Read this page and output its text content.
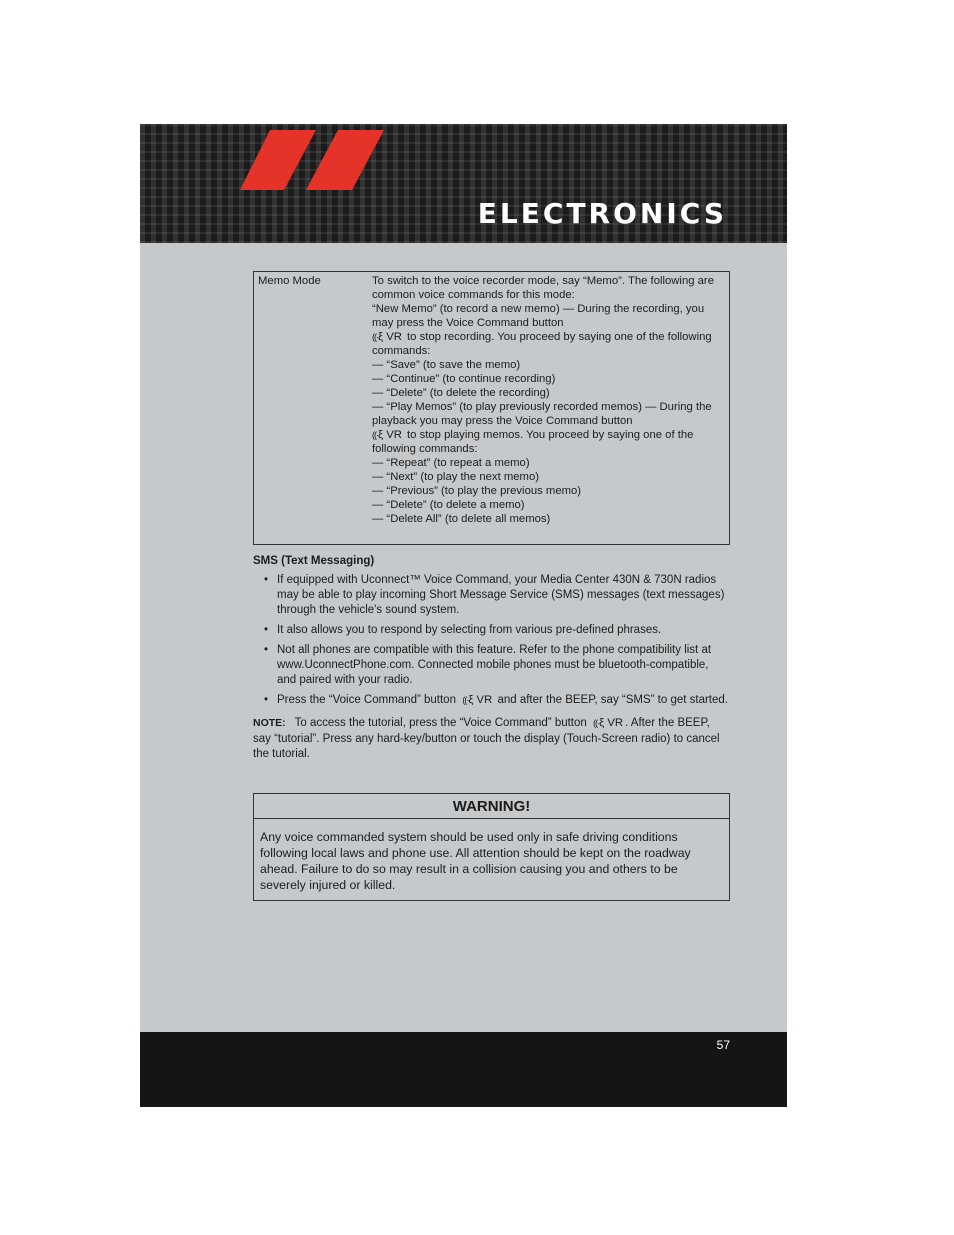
ELECTRONICS
Memo Mode	To switch to the voice recorder mode, say “Memo”. The following are common voice commands for this mode:

“New Memo” (to record a new memo) — During the recording, you may press the Voice Command button

((·ξ VR to stop recording. You proceed by saying one of the following commands:

— “Save” (to save the memo)

— “Continue” (to continue recording)

— “Delete” (to delete the recording)

— “Play Memos” (to play previously recorded memos) — During the playback you may press the Voice Command button

((·ξ VR to stop playing memos. You proceed by saying one of the following commands:

— “Repeat” (to repeat a memo)

— “Next” (to play the next memo)

— “Previous” (to play the previous memo)

— “Delete” (to delete a memo)

— “Delete All” (to delete all memos)

SMS (Text Messaging)
• If equipped with Uconnect™ Voice Command, your Media Center 430N & 730N radios may be able to play incoming Short Message Service (SMS) messages (text messages) through the vehicle's sound system.
• It also allows you to respond by selecting from various pre-defined phrases.
• Not all phones are compatible with this feature. Refer to the phone compatibility list at www.UconnectPhone.com. Connected mobile phones must be bluetooth-compatible, and paired with your radio.
• Press the “Voice Command” button ((·ξ VR and after the BEEP, say “SMS” to get started.
NOTE: To access the tutorial, press the “Voice Command” button ((·ξ VR . After the BEEP, say “tutorial”. Press any hard-key/button or touch the display (Touch-Screen radio) to cancel the tutorial.
WARNING!
Any voice commanded system should be used only in safe driving conditions following local laws and phone use. All attention should be kept on the roadway ahead. Failure to do so may result in a collision causing you and others to be severely injured or killed.
57
